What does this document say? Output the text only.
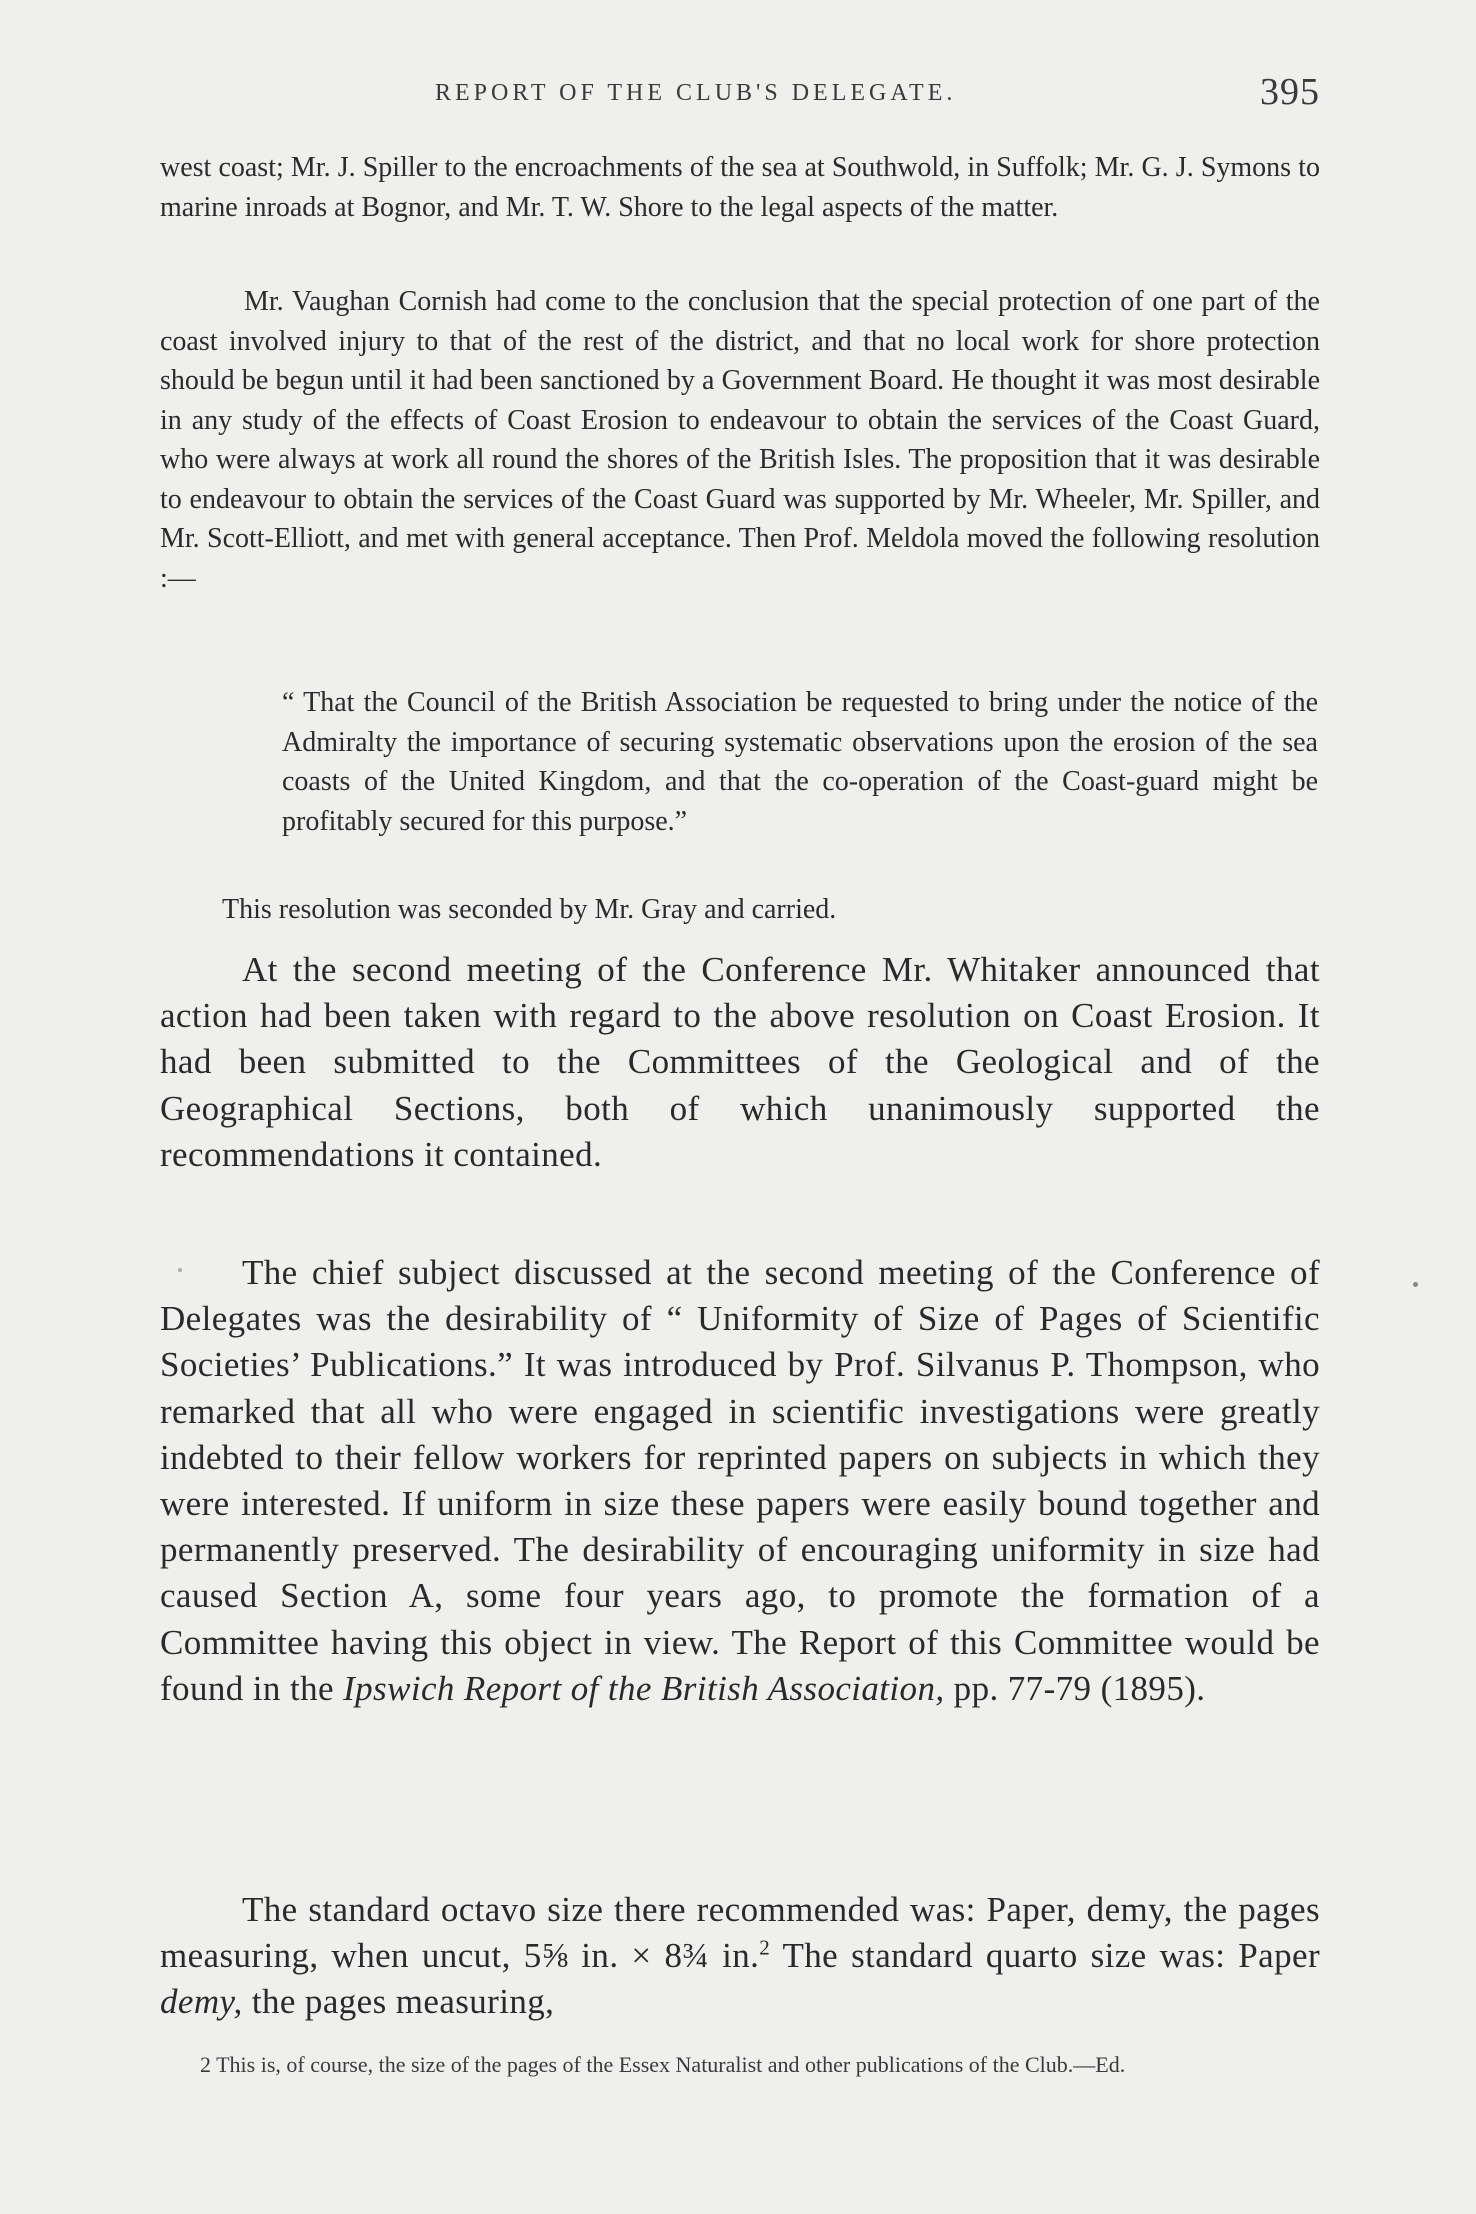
REPORT OF THE CLUB'S DELEGATE.	395

west coast; Mr. J. Spiller to the encroachments of the sea at Southwold, in Suffolk; Mr. G. J. Symons to marine inroads at Bognor, and Mr. T. W. Shore to the legal aspects of the matter.

Mr. Vaughan Cornish had come to the conclusion that the special protection of one part of the coast involved injury to that of the rest of the district, and that no local work for shore protection should be begun until it had been sanctioned by a Government Board. He thought it was most desirable in any study of the effects of Coast Erosion to endeavour to obtain the services of the Coast Guard, who were always at work all round the shores of the British Isles. The proposition that it was desirable to endeavour to obtain the services of the Coast Guard was supported by Mr. Wheeler, Mr. Spiller, and Mr. Scott-Elliott, and met with general acceptance. Then Prof. Meldola moved the following resolution :—

“ That the Council of the British Association be requested to bring under the notice of the Admiralty the importance of securing systematic observations upon the erosion of the sea coasts of the United Kingdom, and that the co-operation of the Coast-guard might be profitably secured for this purpose.”

This resolution was seconded by Mr. Gray and carried.

At the second meeting of the Conference Mr. Whitaker announced that action had been taken with regard to the above resolution on Coast Erosion. It had been submitted to the Committees of the Geological and of the Geographical Sections, both of which unanimously supported the recommendations it contained.

The chief subject discussed at the second meeting of the Conference of Delegates was the desirability of “ Uniformity of Size of Pages of Scientific Societies’ Publications.” It was introduced by Prof. Silvanus P. Thompson, who remarked that all who were engaged in scientific investigations were greatly indebted to their fellow workers for reprinted papers on subjects in which they were interested. If uniform in size these papers were easily bound together and permanently preserved. The desirability of encouraging uniformity in size had caused Section A, some four years ago, to promote the formation of a Committee having this object in view. The Report of this Committee would be found in the Ipswich Report of the British Association, pp. 77-79 (1895).

The standard octavo size there recommended was: Paper, demy, the pages measuring, when uncut, 5⅝ in. × 8¾ in.$^2$ The standard quarto size was: Paper demy, the pages measuring,

2 This is, of course, the size of the pages of the Essex Naturalist and other publications of the Club.—Ed.
